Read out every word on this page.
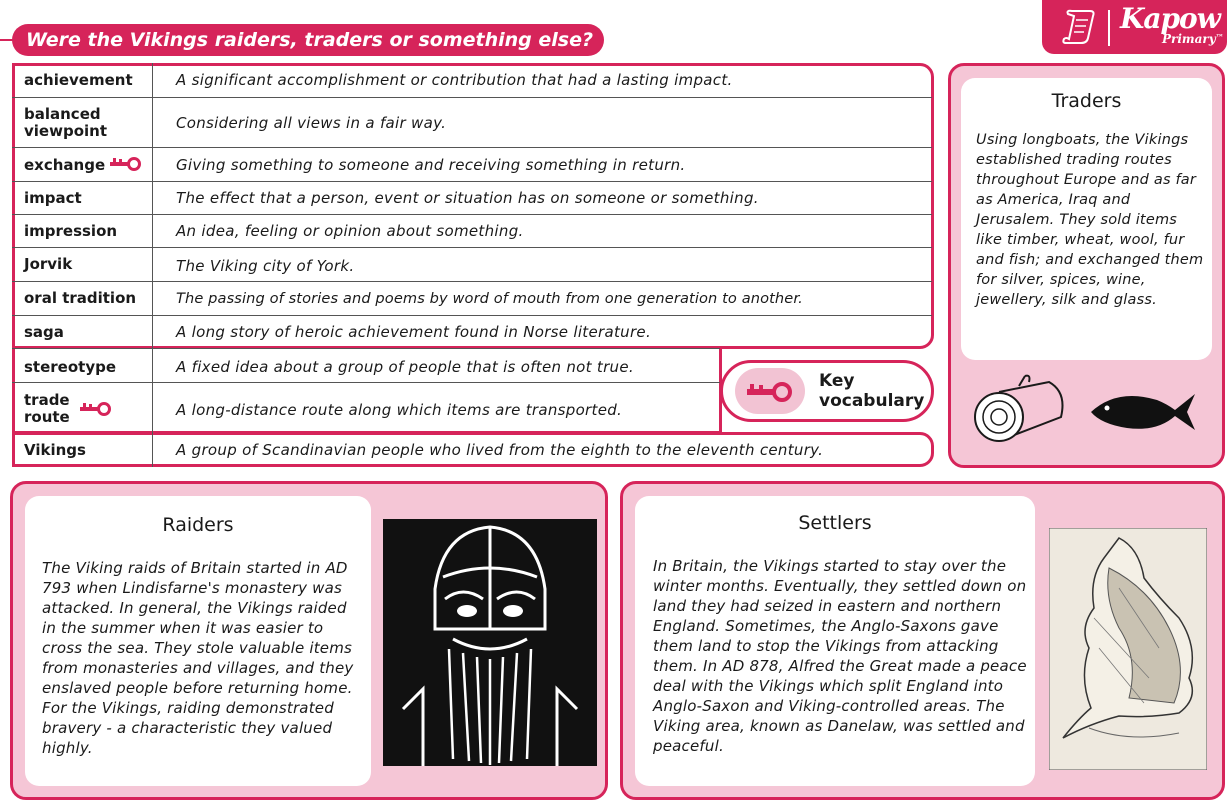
Were the Vikings raiders, traders or something else?
Kapow
Primary™
achievement	A significant accomplishment or contribution that had a lasting impact.
balanced viewpoint	Considering all views in a fair way.
exchange	Giving something to someone and receiving something in return.
impact	The effect that a person, event or situation has on someone or something.
impression	An idea, feeling or opinion about something.
Jorvik	The Viking city of York.
oral tradition	The passing of stories and poems by word of mouth from one generation to another.
saga	A long story of heroic achievement found in Norse literature.
stereotype	A fixed idea about a group of people that is often not true.
trade route	A long-distance route along which items are transported.
Vikings	A group of Scandinavian people who lived from the eighth to the eleventh century.
Key vocabulary
Traders
Using longboats, the Vikings established trading routes throughout Europe and as far as America, Iraq and Jerusalem. They sold items like timber, wheat, wool, fur and fish; and exchanged them for silver, spices, wine, jewellery, silk and glass.
Raiders
The Viking raids of Britain started in AD 793 when Lindisfarne's monastery was attacked. In general, the Vikings raided in the summer when it was easier to cross the sea. They stole valuable items from monasteries and villages, and they enslaved people before returning home. For the Vikings, raiding demonstrated bravery - a characteristic they valued highly.
Settlers
In Britain, the Vikings started to stay over the winter months. Eventually, they settled down on land they had seized in eastern and northern England. Sometimes, the Anglo-Saxons gave them land to stop the Vikings from attacking them. In AD 878, Alfred the Great made a peace deal with the Vikings which split England into Anglo-Saxon and Viking-controlled areas. The Viking area, known as Danelaw, was settled and peaceful.
